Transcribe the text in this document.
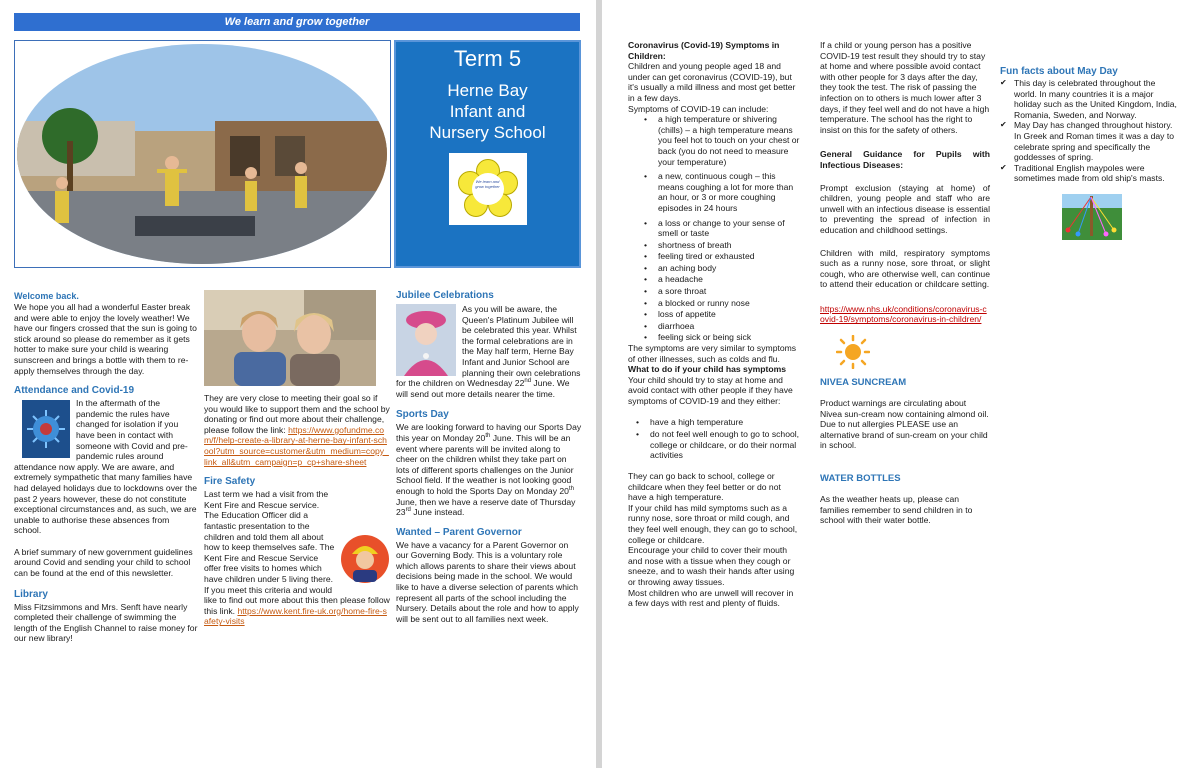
We learn and grow together
Term 5
Herne Bay
Infant and
Nursery School
We learn and grow together
Welcome back.
We hope you all had a wonderful Easter break and were able to enjoy the lovely weather! We have our fingers crossed that the sun is going to stick around so please do remember as it gets hotter to make sure your child is wearing sunscreen and brings a bottle with them to re-apply themselves through the day.
Attendance and Covid-19
In the aftermath of the pandemic the rules have changed for isolation if you have been in contact with someone with Covid and pre-pandemic rules around attendance now apply. We are aware, and extremely sympathetic that many families have had delayed holidays due to lockdowns over the past 2 years however, these do not constitute exceptional circumstances and, as such, we are unable to authorise these absences from school.
A brief summary of new government guidelines around Covid and sending your child to school can be found at the end of this newsletter.
Library
Miss Fitzsimmons and Mrs. Senft have nearly completed their challenge of swimming the length of the English Channel to raise money for our new library!
They are very close to meeting their goal so if you would like to support them and the school by donating or find out more about their challenge, please follow the link: https://www.gofundme.com/f/help-create-a-library-at-herne-bay-infant-school?utm_source=customer&utm_medium=copy_link_all&utm_campaign=p_cp+share-sheet
Fire Safety
Last term we had a visit from the Kent Fire and Rescue service. The Education Officer did a fantastic presentation to the children and told them all about how to keep themselves safe. The Kent Fire and Rescue Service offer free visits to homes which have children under 5 living there. If you meet this criteria and would like to find out more about this then please follow this link. https://www.kent.fire-uk.org/home-fire-safety-visits
Jubilee Celebrations
As you will be aware, the Queen's Platinum Jubilee will be celebrated this year. Whilst the formal celebrations are in the May half term, Herne Bay Infant and Junior School are planning their own celebrations for the children on Wednesday 22nd June. We will send out more details nearer the time.
Sports Day
We are looking forward to having our Sports Day this year on Monday 20th June. This will be an event where parents will be invited along to cheer on the children whilst they take part on lots of different sports challenges on the Junior School field. If the weather is not looking good enough to hold the Sports Day on Monday 20th June, then we have a reserve date of Thursday 23rd June instead.
Wanted – Parent Governor
We have a vacancy for a Parent Governor on our Governing Body. This is a voluntary role which allows parents to share their views about decisions being made in the school. We would like to have a diverse selection of parents which represent all parts of the school including the Nursery. Details about the role and how to apply will be sent out to all families next week.
Coronavirus (Covid-19) Symptoms in Children:
Children and young people aged 18 and under can get coronavirus (COVID-19), but it's usually a mild illness and most get better in a few days.
Symptoms of COVID-19 can include:
• a high temperature or shivering (chills) – a high temperature means you feel hot to touch on your chest or back (you do not need to measure your temperature)
• a new, continuous cough – this means coughing a lot for more than an hour, or 3 or more coughing episodes in 24 hours
• a loss or change to your sense of smell or taste
• shortness of breath
• feeling tired or exhausted
• an aching body
• a headache
• a sore throat
• a blocked or runny nose
• loss of appetite
• diarrhoea
• feeling sick or being sick
The symptoms are very similar to symptoms of other illnesses, such as colds and flu.
What to do if your child has symptoms
Your child should try to stay at home and avoid contact with other people if they have symptoms of COVID-19 and they either:
• have a high temperature
• do not feel well enough to go to school, college or childcare, or do their normal activities
They can go back to school, college or childcare when they feel better or do not have a high temperature.
If your child has mild symptoms such as a runny nose, sore throat or mild cough, and they feel well enough, they can go to school, college or childcare.
Encourage your child to cover their mouth and nose with a tissue when they cough or sneeze, and to wash their hands after using or throwing away tissues.
Most children who are unwell will recover in a few days with rest and plenty of fluids.
If a child or young person has a positive COVID-19 test result they should try to stay at home and where possible avoid contact with other people for 3 days after the day, they took the test. The risk of passing the infection on to others is much lower after 3 days, if they feel well and do not have a high temperature. The school has the right to insist on this for the safety of others.
General Guidance for Pupils with Infectious Diseases:
Prompt exclusion (staying at home) of children, young people and staff who are unwell with an infectious disease is essential to preventing the spread of infection in education and childhood settings.
Children with mild, respiratory symptoms such as a runny nose, sore throat, or slight cough, who are otherwise well, can continue to attend their education or childcare setting.
https://www.nhs.uk/conditions/coronavirus-covid-19/symptoms/coronavirus-in-children/
NIVEA SUNCREAM
Product warnings are circulating about Nivea sun-cream now containing almond oil. Due to nut allergies PLEASE use an alternative brand of sun-cream on your child in school.
WATER BOTTLES
As the weather heats up, please can families remember to send children in to school with their water bottle.
Fun facts about May Day
✔ This day is celebrated throughout the world. In many countries it is a major holiday such as the United Kingdom, India, Romania, Sweden, and Norway.
✔ May Day has changed throughout history. In Greek and Roman times it was a day to celebrate spring and specifically the goddesses of spring.
✔ Traditional English maypoles were sometimes made from old ship's masts.
